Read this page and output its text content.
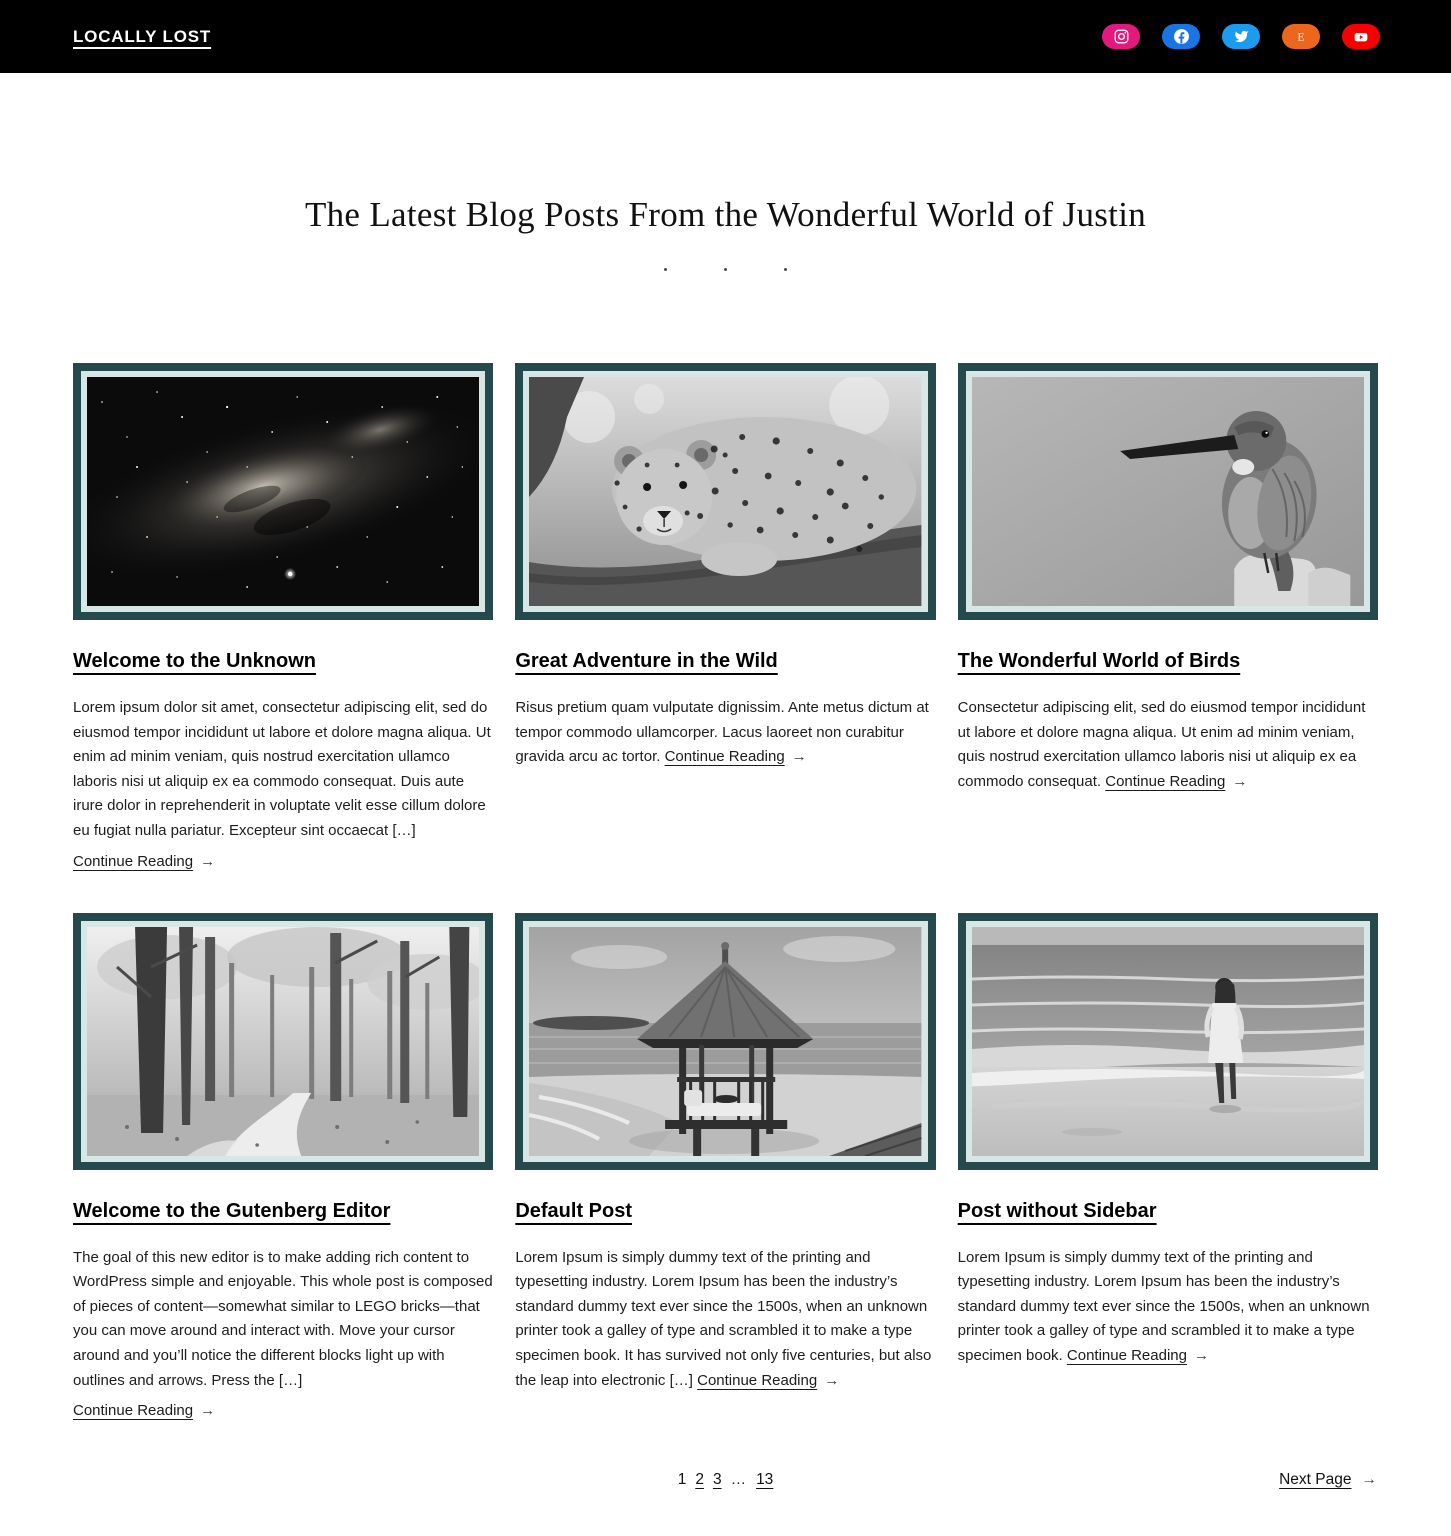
LOCALLY LOST	E
The Latest Blog Posts From the Wonderful World of Justin
Welcome to the Unknown

Lorem ipsum dolor sit amet, consectetur adipiscing elit, sed do eiusmod tempor incididunt ut labore et dolore magna aliqua. Ut enim ad minim veniam, quis nostrud exercitation ullamco laboris nisi ut aliquip ex ea commodo consequat. Duis aute irure dolor in reprehenderit in voluptate velit esse cillum dolore eu fugiat nulla pariatur. Excepteur sint occaecat […]

Continue Reading →
Great Adventure in the Wild

Risus pretium quam vulputate dignissim. Ante metus dictum at tempor commodo ullamcorper. Lacus laoreet non curabitur gravida arcu ac tortor. Continue Reading →

The Wonderful World of Birds

Consectetur adipiscing elit, sed do eiusmod tempor incididunt ut labore et dolore magna aliqua. Ut enim ad minim veniam, quis nostrud exercitation ullamco laboris nisi ut aliquip ex ea commodo consequat. Continue Reading →

Welcome to the Gutenberg Editor

The goal of this new editor is to make adding rich content to WordPress simple and enjoyable. This whole post is composed of pieces of content—somewhat similar to LEGO bricks—that you can move around and interact with. Move your cursor around and you’ll notice the different blocks light up with outlines and arrows. Press the […]

Continue Reading →
Default Post

Lorem Ipsum is simply dummy text of the printing and typesetting industry. Lorem Ipsum has been the industry’s standard dummy text ever since the 1500s, when an unknown printer took a galley of type and scrambled it to make a type specimen book. It has survived not only five centuries, but also the leap into electronic […] Continue Reading →

Post without Sidebar

Lorem Ipsum is simply dummy text of the printing and typesetting industry. Lorem Ipsum has been the industry’s standard dummy text ever since the 1500s, when an unknown printer took a galley of type and scrambled it to make a type specimen book. Continue Reading →

1 2 3 … 13	Next Page →
